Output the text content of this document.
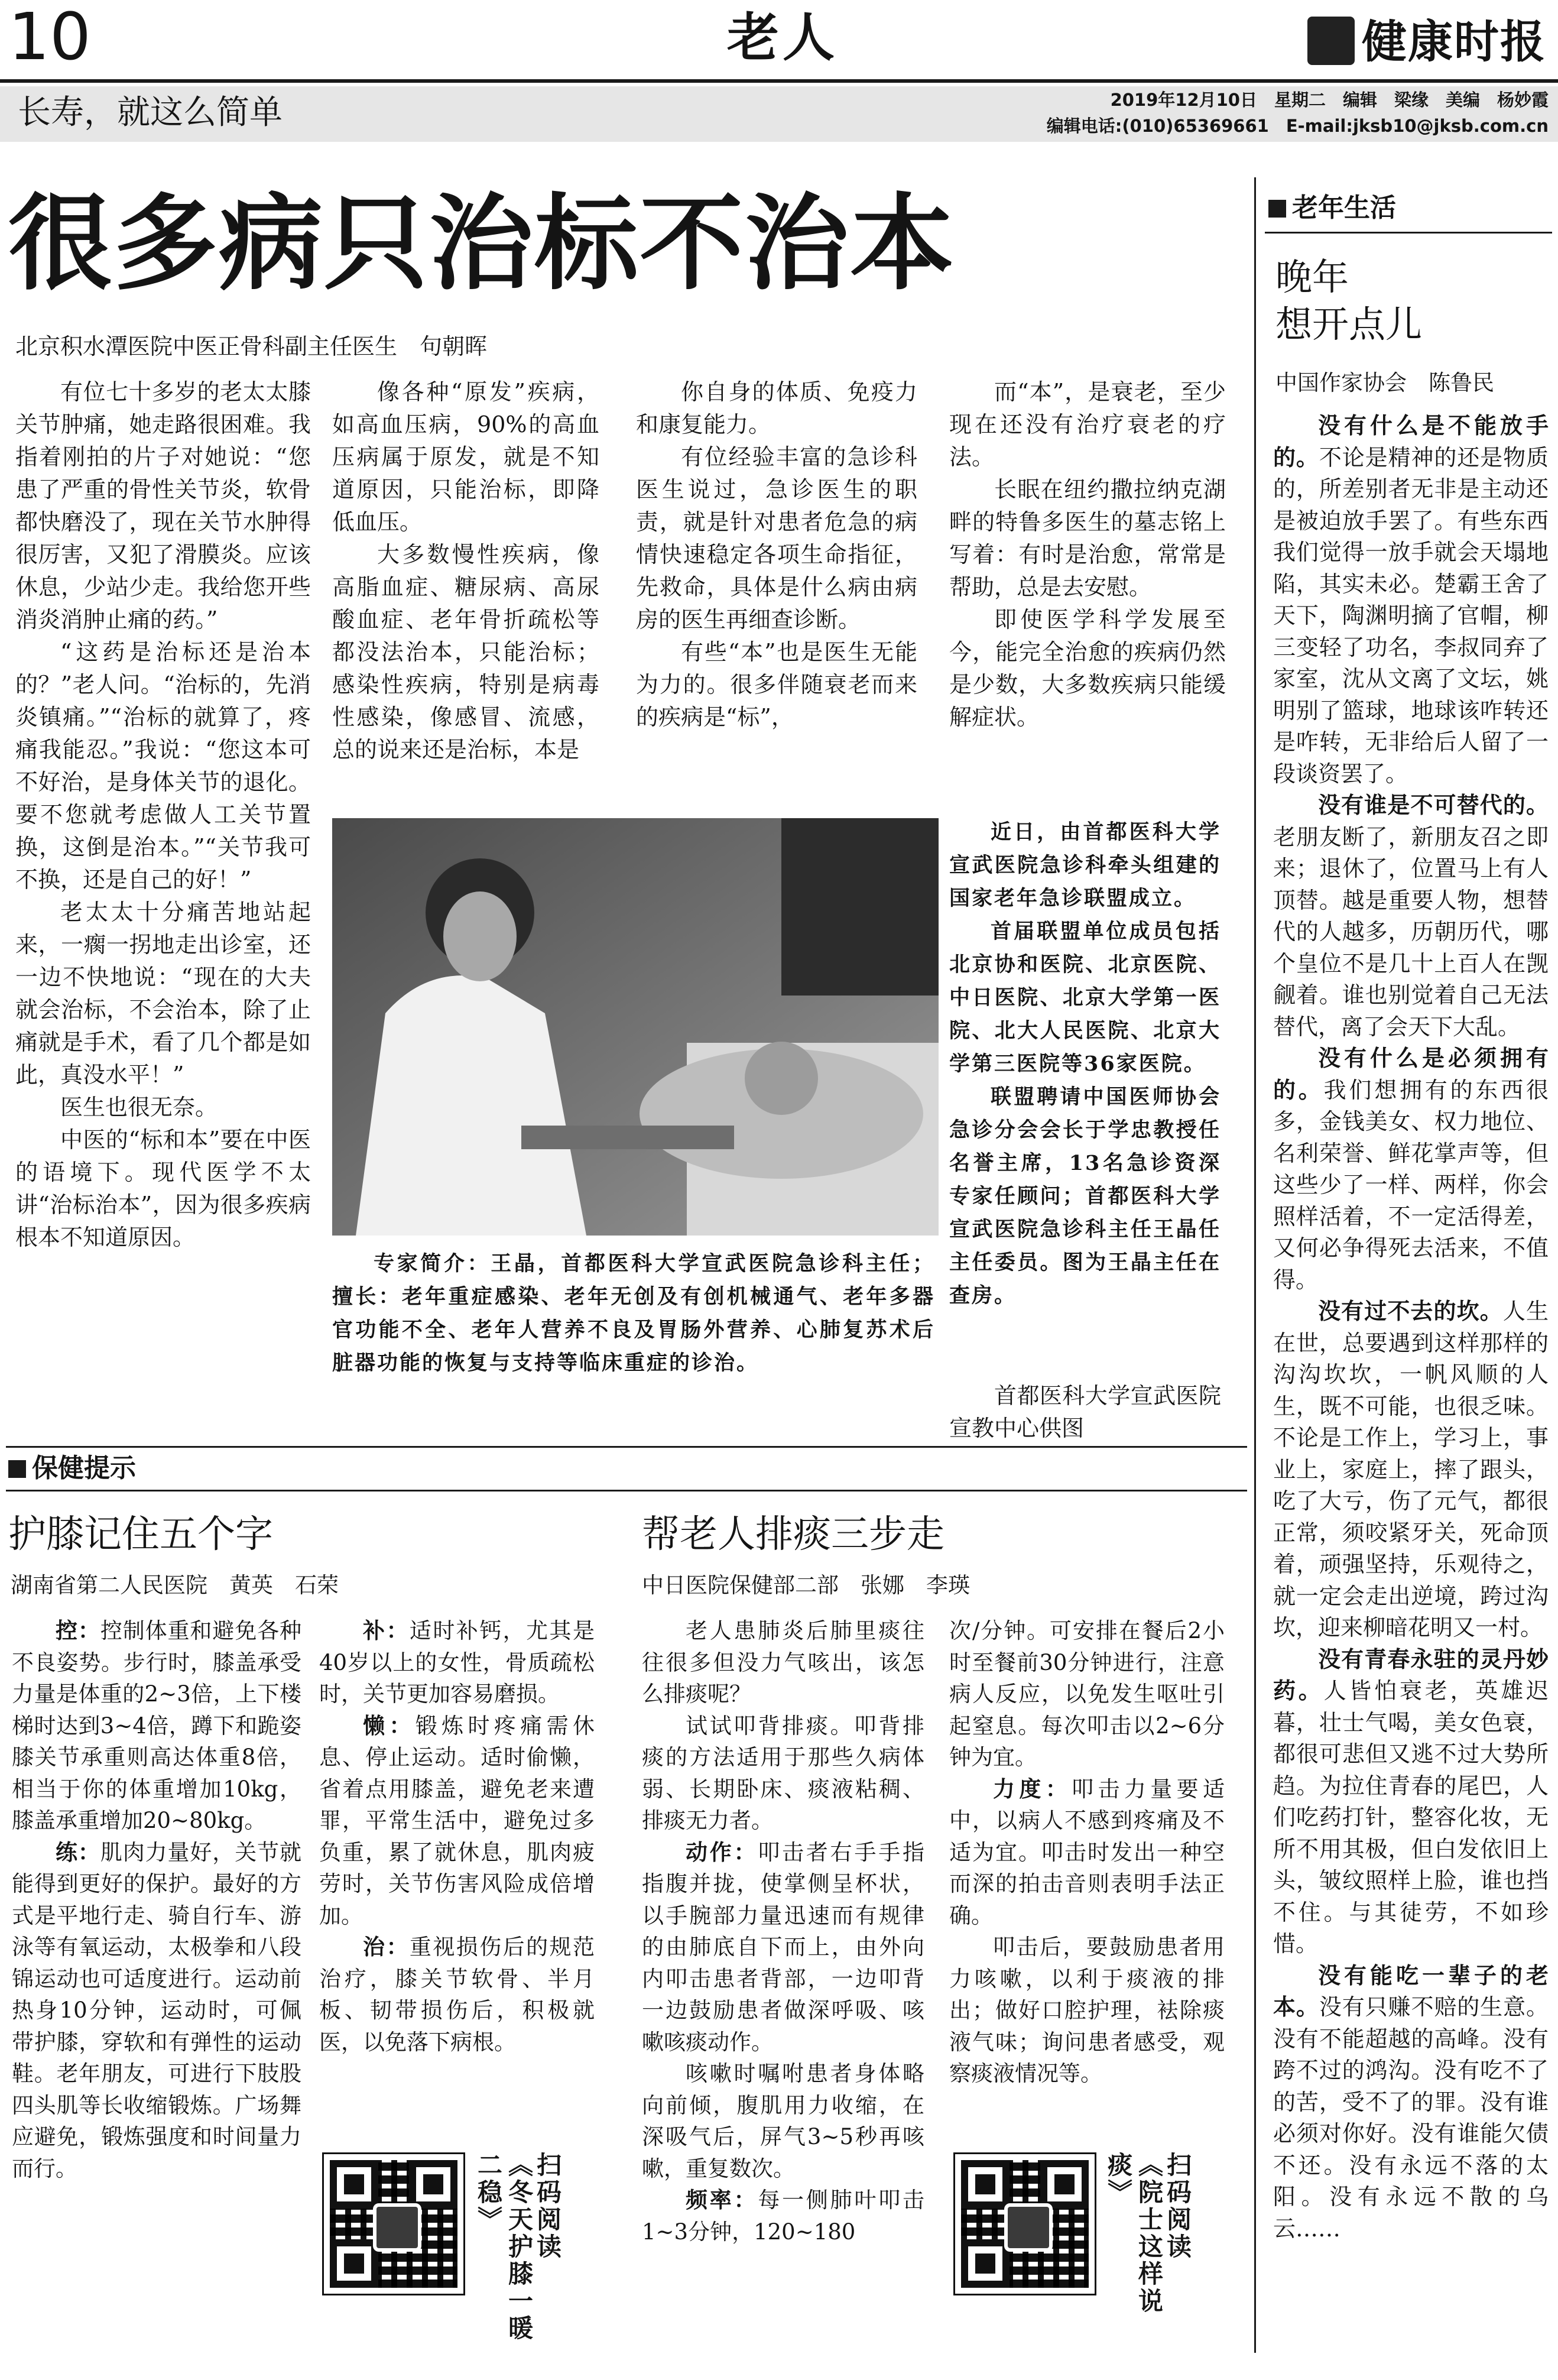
10	老人	健康时报
长寿，就这么简单	2019年12月10日　星期二　编辑　梁缘　美编　杨妙霞
编辑电话:(010)65369661　E-mail:jksb10@jksb.com.cn
很多病只治标不治本
北京积水潭医院中医正骨科副主任医生　句朝晖

有位七十多岁的老太太膝关节肿痛，她走路很困难。我指着刚拍的片子对她说：“您患了严重的骨性关节炎，软骨都快磨没了，现在关节水肿得很厉害，又犯了滑膜炎。应该休息，少站少走。我给您开些消炎消肿止痛的药。”

“这药是治标还是治本的？”老人问。“治标的，先消炎镇痛。”“治标的就算了，疼痛我能忍。”我说：“您这本可不好治，是身体关节的退化。要不您就考虑做人工关节置换，这倒是治本。”“关节我可不换，还是自己的好！”

老太太十分痛苦地站起来，一瘸一拐地走出诊室，还一边不快地说：“现在的大夫就会治标，不会治本，除了止痛就是手术，看了几个都是如此，真没水平！”

医生也很无奈。

中医的“标和本”要在中医的语境下。现代医学不太讲“治标治本”，因为很多疾病根本不知道原因。

像各种“原发”疾病，如高血压病，90%的高血压病属于原发，就是不知道原因，只能治标，即降低血压。

大多数慢性疾病，像高脂血症、糖尿病、高尿酸血症、老年骨折疏松等都没法治本，只能治标；感染性疾病，特别是病毒性感染，像感冒、流感，总的说来还是治标，本是

你自身的体质、免疫力和康复能力。

有位经验丰富的急诊科医生说过，急诊医生的职责，就是针对患者危急的病情快速稳定各项生命指征，先救命，具体是什么病由病房的医生再细查诊断。

有些“本”也是医生无能为力的。很多伴随衰老而来的疾病是“标”，

而“本”，是衰老，至少现在还没有治疗衰老的疗法。

长眠在纽约撒拉纳克湖畔的特鲁多医生的墓志铭上写着：有时是治愈，常常是帮助，总是去安慰。

即使医学科学发展至今，能完全治愈的疾病仍然是少数，大多数疾病只能缓解症状。

专家简介：王晶，首都医科大学宣武医院急诊科主任；擅长：老年重症感染、老年无创及有创机械通气、老年多器官功能不全、老年人营养不良及胃肠外营养、心肺复苏术后脏器功能的恢复与支持等临床重症的诊治。

近日，由首都医科大学宣武医院急诊科牵头组建的国家老年急诊联盟成立。

首届联盟单位成员包括北京协和医院、北京医院、中日医院、北京大学第一医院、北大人民医院、北京大学第三医院等36家医院。

联盟聘请中国医师协会急诊分会会长于学忠教授任名誉主席，13名急诊资深专家任顾问；首都医科大学宣武医院急诊科主任王晶任主任委员。图为王晶主任在查房。

首都医科大学宣武医院宣教中心供图

老年生活
晚年
想开点儿
中国作家协会　陈鲁民

没有什么是不能放手的。不论是精神的还是物质的，所差别者无非是主动还是被迫放手罢了。有些东西我们觉得一放手就会天塌地陷，其实未必。楚霸王舍了天下，陶渊明摘了官帽，柳三变轻了功名，李叔同弃了家室，沈从文离了文坛，姚明别了篮球，地球该咋转还是咋转，无非给后人留了一段谈资罢了。

没有谁是不可替代的。老朋友断了，新朋友召之即来；退休了，位置马上有人顶替。越是重要人物，想替代的人越多，历朝历代，哪个皇位不是几十上百人在觊觎着。谁也别觉着自己无法替代，离了会天下大乱。

没有什么是必须拥有的。我们想拥有的东西很多，金钱美女、权力地位、名利荣誉、鲜花掌声等，但这些少了一样、两样，你会照样活着，不一定活得差，又何必争得死去活来，不值得。

没有过不去的坎。人生在世，总要遇到这样那样的沟沟坎坎，一帆风顺的人生，既不可能，也很乏味。不论是工作上，学习上，事业上，家庭上，摔了跟头，吃了大亏，伤了元气，都很正常，须咬紧牙关，死命顶着，顽强坚持，乐观待之，就一定会走出逆境，跨过沟坎，迎来柳暗花明又一村。

没有青春永驻的灵丹妙药。人皆怕衰老，英雄迟暮，壮士气喝，美女色衰，都很可悲但又逃不过大势所趋。为拉住青春的尾巴，人们吃药打针，整容化妆，无所不用其极，但白发依旧上头，皱纹照样上脸，谁也挡不住。与其徒劳，不如珍惜。

没有能吃一辈子的老本。没有只赚不赔的生意。没有不能超越的高峰。没有跨不过的鸿沟。没有吃不了的苦，受不了的罪。没有谁必须对你好。没有谁能欠债不还。没有永远不落的太阳。没有永远不散的乌云……

保健提示
护膝记住五个字
湖南省第二人民医院　黄英　石荣

控：控制体重和避免各种不良姿势。步行时，膝盖承受力量是体重的2~3倍，上下楼梯时达到3~4倍，蹲下和跪姿膝关节承重则高达体重8倍，相当于你的体重增加10kg，膝盖承重增加20~80kg。

练：肌肉力量好，关节就能得到更好的保护。最好的方式是平地行走、骑自行车、游泳等有氧运动，太极拳和八段锦运动也可适度进行。运动前热身10分钟，运动时，可佩带护膝，穿软和有弹性的运动鞋。老年朋友，可进行下肢股四头肌等长收缩锻炼。广场舞应避免，锻炼强度和时间量力而行。

补：适时补钙，尤其是40岁以上的女性，骨质疏松时，关节更加容易磨损。

懒：锻炼时疼痛需休息、停止运动。适时偷懒，省着点用膝盖，避免老来遭罪，平常生活中，避免过多负重，累了就休息，肌肉疲劳时，关节伤害风险成倍增加。

治：重视损伤后的规范治疗，膝关节软骨、半月板、韧带损伤后，积极就医，以免落下病根。

《冬天护膝一暖二稳》	扫码阅读
帮老人排痰三步走
中日医院保健部二部　张娜　李瑛

老人患肺炎后肺里痰往往很多但没力气咳出，该怎么排痰呢？

试试叩背排痰。叩背排痰的方法适用于那些久病体弱、长期卧床、痰液粘稠、排痰无力者。

动作：叩击者右手手指指腹并拢，使掌侧呈杯状，以手腕部力量迅速而有规律的由肺底自下而上，由外向内叩击患者背部，一边叩背一边鼓励患者做深呼吸、咳嗽咳痰动作。

咳嗽时嘱咐患者身体略向前倾，腹肌用力收缩，在深吸气后，屏气3~5秒再咳嗽，重复数次。

频率：每一侧肺叶叩击1~3分钟，120~180

次/分钟。可安排在餐后2小时至餐前30分钟进行，注意病人反应，以免发生呕吐引起窒息。每次叩击以2~6分钟为宜。

力度：叩击力量要适中，以病人不感到疼痛及不适为宜。叩击时发出一种空而深的拍击音则表明手法正确。

叩击后，要鼓励患者用力咳嗽，以利于痰液的排出；做好口腔护理，袪除痰液气味；询问患者感受，观察痰液情况等。

《院士这样说痰》	扫码阅读
